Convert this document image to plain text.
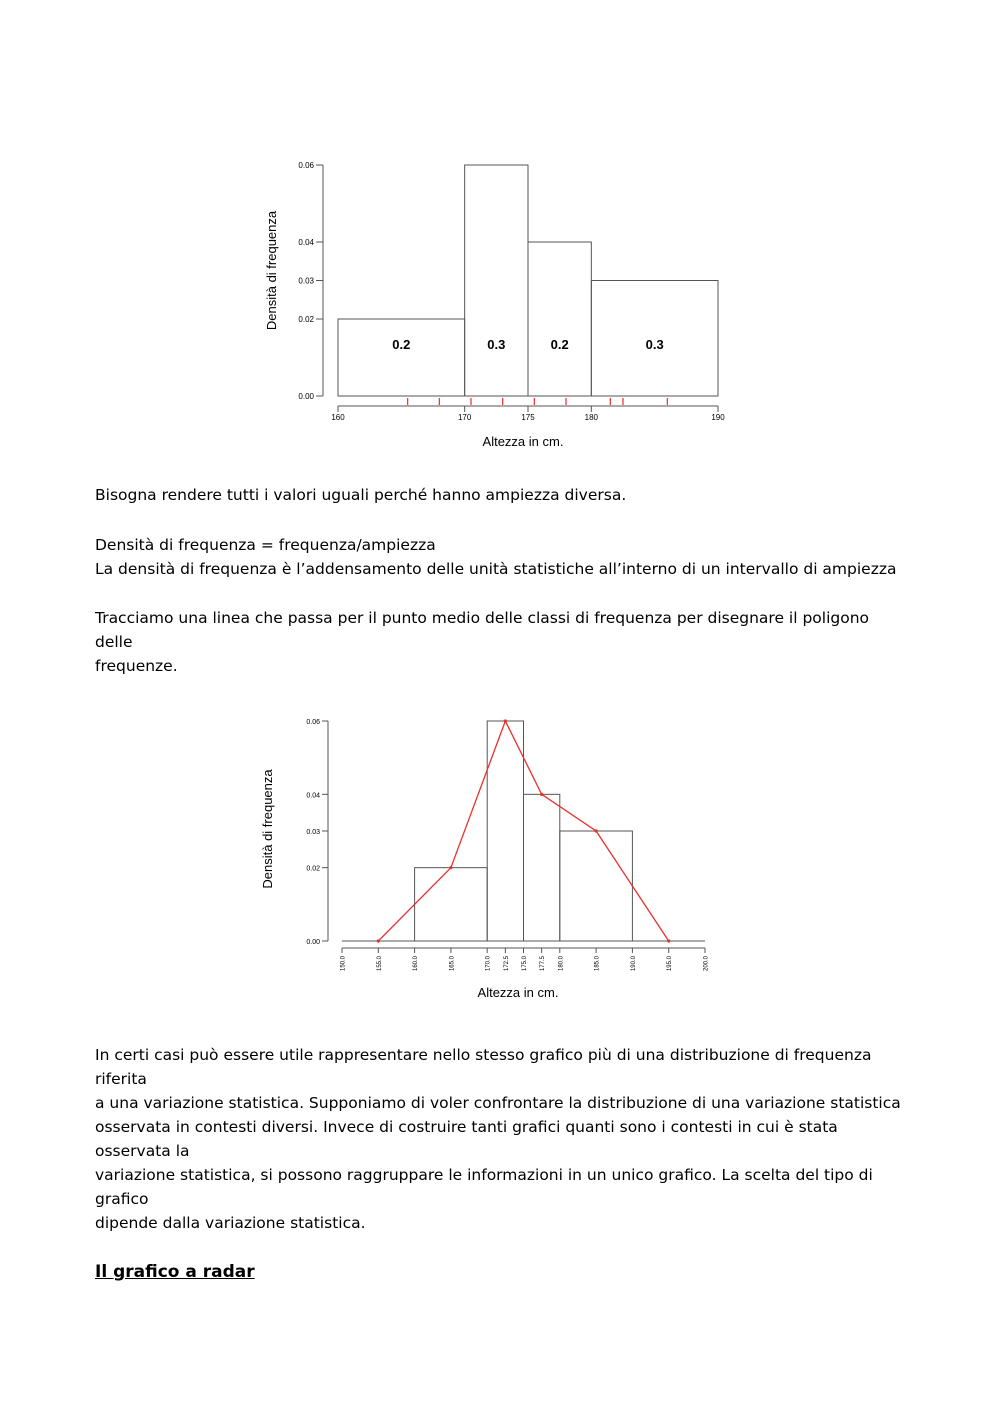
0.00
0.02
0.03
0.04
0.06
160	170	175	180	190
0.2	0.3	0.2	0.3
Altezza in cm.
Densità di frequenza

Bisogna rendere tutti i valori uguali perché hanno ampiezza diversa.

Densità di frequenza = frequenza/ampiezza
La densità di frequenza è l’addensamento delle unità statistiche all’interno di un intervallo di ampiezza

Tracciamo una linea che passa per il punto medio delle classi di frequenza per disegnare il poligono delle
frequenze.

0.00
0.02
0.03
0.04
0.06
150.0	155.0	160.0	165.0	170.0 172.5 175.0 177.5 180.0	185.0	190.0	195.0	200.0
Altezza in cm.
Densità di frequenza

In certi casi può essere utile rappresentare nello stesso grafico più di una distribuzione di frequenza riferita
a una variazione statistica. Supponiamo di voler confrontare la distribuzione di una variazione statistica
osservata in contesti diversi. Invece di costruire tanti grafici quanti sono i contesti in cui è stata osservata la
variazione statistica, si possono raggruppare le informazioni in un unico grafico. La scelta del tipo di grafico
dipende dalla variazione statistica.

Il grafico a radar
